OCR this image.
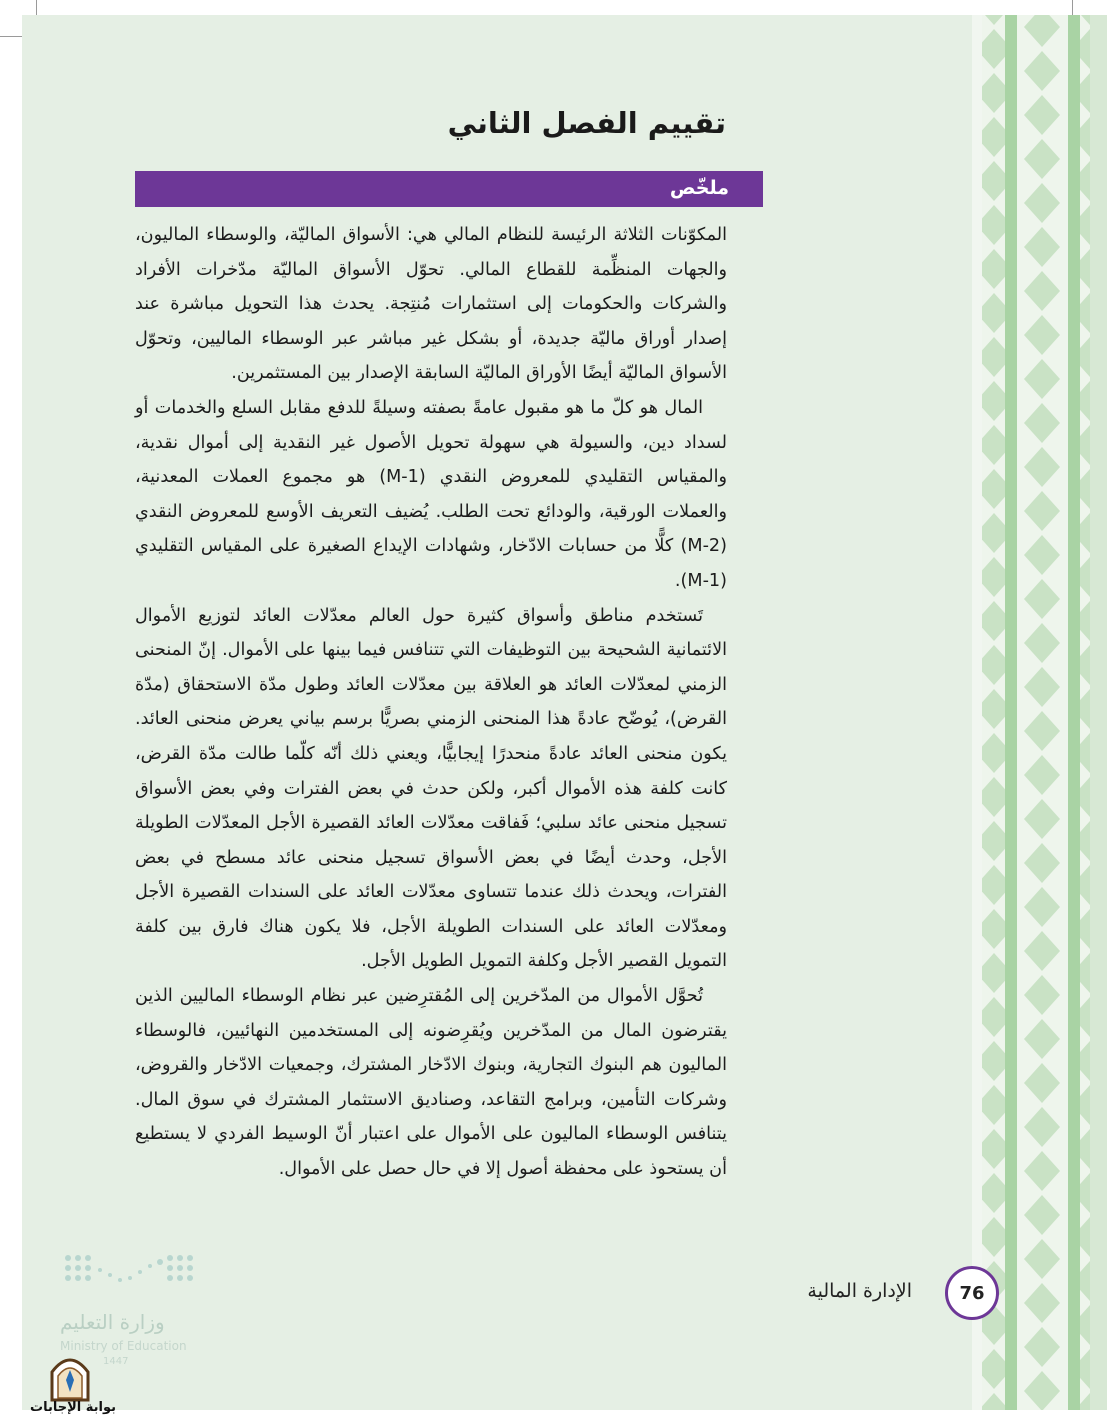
تقييم الفصل الثاني
ملخّص

المكوّنات الثلاثة الرئيسة للنظام المالي هي: الأسواق الماليّة، والوسطاء الماليون، والجهات المنظِّمة للقطاع المالي. تحوّل الأسواق الماليّة مدّخرات الأفراد والشركات والحكومات إلى استثمارات مُنتِجة. يحدث هذا التحويل مباشرة عند إصدار أوراق ماليّة جديدة، أو بشكل غير مباشر عبر الوسطاء الماليين، وتحوّل الأسواق الماليّة أيضًا الأوراق الماليّة السابقة الإصدار بين المستثمرين.

المال هو كلّ ما هو مقبول عامةً بصفته وسيلةً للدفع مقابل السلع والخدمات أو لسداد دين، والسيولة هي سهولة تحويل الأصول غير النقدية إلى أموال نقدية، والمقياس التقليدي للمعروض النقدي (M-1) هو مجموع العملات المعدنية، والعملات الورقية، والودائع تحت الطلب. يُضيف التعريف الأوسع للمعروض النقدي (M-2) كلًّا من حسابات الادّخار، وشهادات الإيداع الصغيرة على المقياس التقليدي (M-1).

تَستخدم مناطق وأسواق كثيرة حول العالم معدّلات العائد لتوزيع الأموال الائتمانية الشحيحة بين التوظيفات التي تتنافس فيما بينها على الأموال. إنّ المنحنى الزمني لمعدّلات العائد هو العلاقة بين معدّلات العائد وطول مدّة الاستحقاق (مدّة القرض)، يُوضّح عادةً هذا المنحنى الزمني بصريًّا برسم بياني يعرض منحنى العائد. يكون منحنى العائد عادةً منحدرًا إيجابيًّا، ويعني ذلك أنّه كلّما طالت مدّة القرض، كانت كلفة هذه الأموال أكبر، ولكن حدث في بعض الفترات وفي بعض الأسواق تسجيل منحنى عائد سلبي؛ فَفاقت معدّلات العائد القصيرة الأجل المعدّلات الطويلة الأجل، وحدث أيضًا في بعض الأسواق تسجيل منحنى عائد مسطح في بعض الفترات، ويحدث ذلك عندما تتساوى معدّلات العائد على السندات القصيرة الأجل ومعدّلات العائد على السندات الطويلة الأجل، فلا يكون هناك فارق بين كلفة التمويل القصير الأجل وكلفة التمويل الطويل الأجل.

تُحوَّل الأموال من المدّخرين إلى المُقترِضين عبر نظام الوسطاء الماليين الذين يقترضون المال من المدّخرين ويُقرِضونه إلى المستخدمين النهائيين، فالوسطاء الماليون هم البنوك التجارية، وبنوك الادّخار المشترك، وجمعيات الادّخار والقروض، وشركات التأمين، وبرامج التقاعد، وصناديق الاستثمار المشترك في سوق المال. يتنافس الوسطاء الماليون على الأموال على اعتبار أنّ الوسيط الفردي لا يستطيع أن يستحوذ على محفظة أصول إلا في حال حصل على الأموال.

الإدارة المالية	76
وزارة التعليم
Ministry of Education
1447
بوابة الإجابات
